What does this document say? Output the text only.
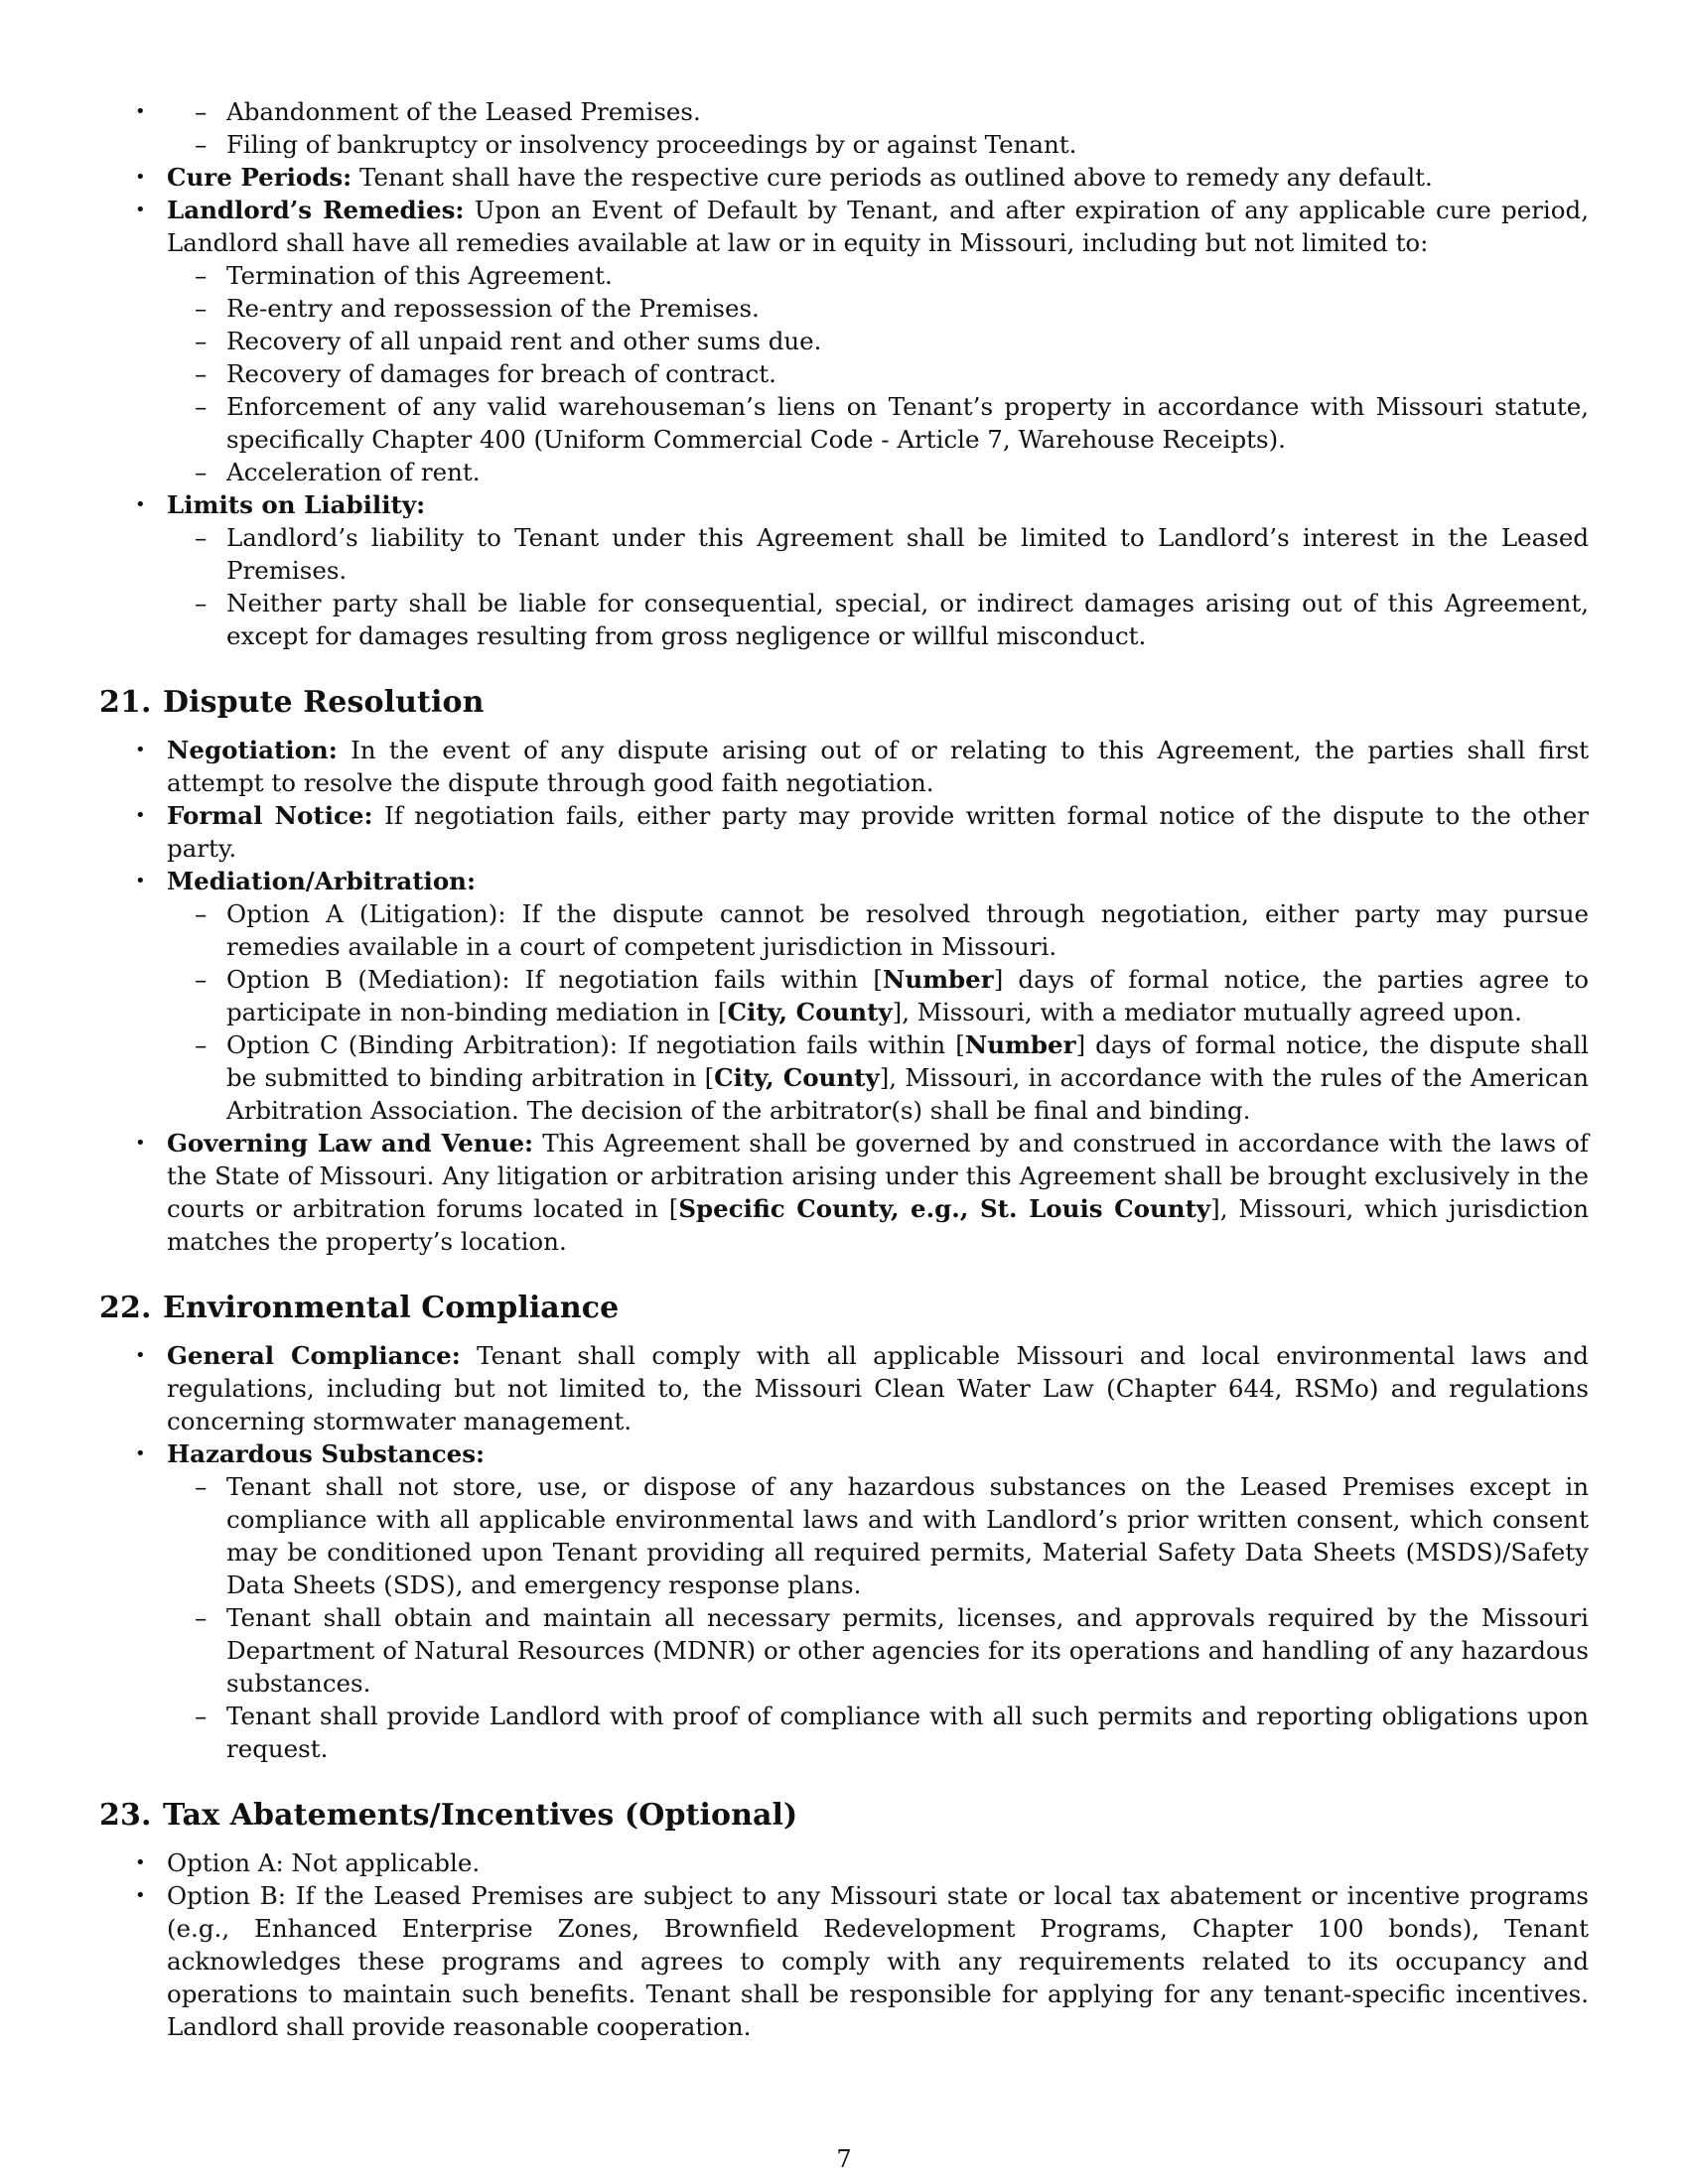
– • Abandonment of the Leased Premises.
– Filing of bankruptcy or insolvency proceedings by or against Tenant.
• Cure Periods: Tenant shall have the respective cure periods as outlined above to remedy any default.
• Landlord’s Remedies: Upon an Event of Default by Tenant, and after expiration of any applicable cure period, Landlord shall have all remedies available at law or in equity in Missouri, including but not limited to:
– Termination of this Agreement.
– Re-entry and repossession of the Premises.
– Recovery of all unpaid rent and other sums due.
– Recovery of damages for breach of contract.
– Enforcement of any valid warehouseman’s liens on Tenant’s property in accordance with Missouri statute, specifically Chapter 400 (Uniform Commercial Code - Article 7, Warehouse Receipts).
– Acceleration of rent.
• Limits on Liability:
– Landlord’s liability to Tenant under this Agreement shall be limited to Landlord’s interest in the Leased Premises.
– Neither party shall be liable for consequential, special, or indirect damages arising out of this Agreement, except for damages resulting from gross negligence or willful misconduct.
21. Dispute Resolution
• Negotiation: In the event of any dispute arising out of or relating to this Agreement, the parties shall first attempt to resolve the dispute through good faith negotiation.
• Formal Notice: If negotiation fails, either party may provide written formal notice of the dispute to the other party.
• Mediation/Arbitration:
– Option A (Litigation): If the dispute cannot be resolved through negotiation, either party may pursue remedies available in a court of competent jurisdiction in Missouri.
– Option B (Mediation): If negotiation fails within [Number] days of formal notice, the parties agree to participate in non-binding mediation in [City, County], Missouri, with a mediator mutually agreed upon.
– Option C (Binding Arbitration): If negotiation fails within [Number] days of formal notice, the dispute shall be submitted to binding arbitration in [City, County], Missouri, in accordance with the rules of the American Arbitration Association. The decision of the arbitrator(s) shall be final and binding.
• Governing Law and Venue: This Agreement shall be governed by and construed in accordance with the laws of the State of Missouri. Any litigation or arbitration arising under this Agreement shall be brought exclusively in the courts or arbitration forums located in [Specific County, e.g., St. Louis County], Missouri, which jurisdiction matches the property’s location.
22. Environmental Compliance
• General Compliance: Tenant shall comply with all applicable Missouri and local environmental laws and regulations, including but not limited to, the Missouri Clean Water Law (Chapter 644, RSMo) and regulations concerning stormwater management.
• Hazardous Substances:
– Tenant shall not store, use, or dispose of any hazardous substances on the Leased Premises except in compliance with all applicable environmental laws and with Landlord’s prior written consent, which consent may be conditioned upon Tenant providing all required permits, Material Safety Data Sheets (MSDS)/Safety Data Sheets (SDS), and emergency response plans.
– Tenant shall obtain and maintain all necessary permits, licenses, and approvals required by the Missouri Department of Natural Resources (MDNR) or other agencies for its operations and handling of any hazardous substances.
– Tenant shall provide Landlord with proof of compliance with all such permits and reporting obligations upon request.
23. Tax Abatements/Incentives (Optional)
• Option A: Not applicable.
• Option B: If the Leased Premises are subject to any Missouri state or local tax abatement or incentive programs (e.g., Enhanced Enterprise Zones, Brownfield Redevelopment Programs, Chapter 100 bonds), Tenant acknowledges these programs and agrees to comply with any requirements related to its occupancy and operations to maintain such benefits. Tenant shall be responsible for applying for any tenant-specific incentives. Landlord shall provide reasonable cooperation.
7
